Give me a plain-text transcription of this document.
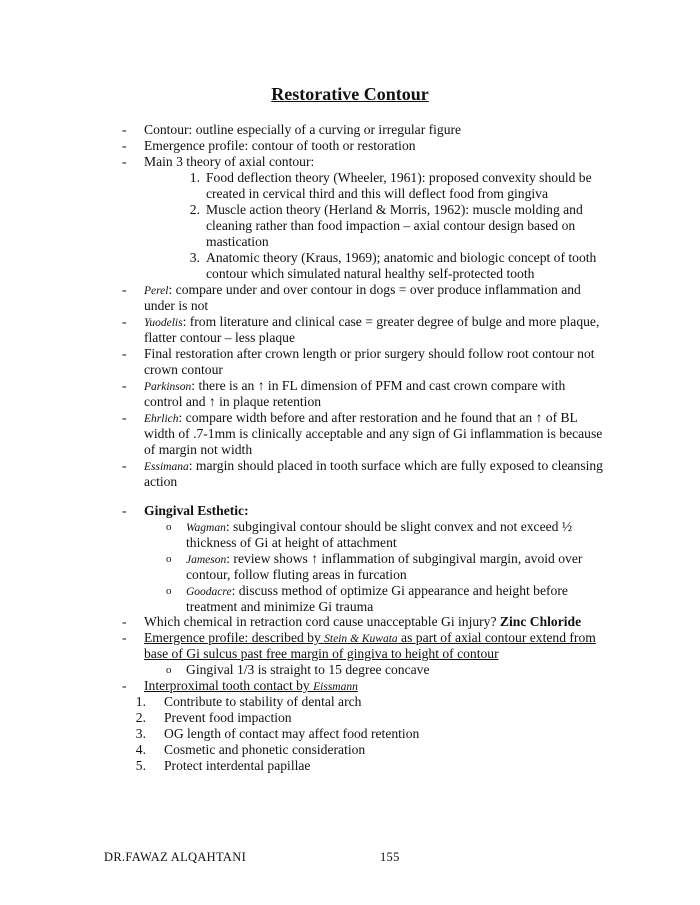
Restorative Contour
-
-
-
-
-
-
-
-
-
-
-
-
-
Contour: outline especially of a curving or irregular figure
Emergence profile: contour of tooth or restoration
Main 3 theory of axial contour:
1. Food deflection theory (Wheeler, 1961): proposed convexity should be
created in cervical third and this will deflect food from gingiva
2. Muscle action theory (Herland & Morris, 1962): muscle molding and
cleaning rather than food impaction – axial contour design based on
mastication
3. Anatomic theory (Kraus, 1969); anatomic and biologic concept of tooth
contour which simulated natural healthy self-protected tooth
Perel: compare under and over contour in dogs = over produce inflammation and
under is not
Yuodelis: from literature and clinical case = greater degree of bulge and more plaque,
flatter contour – less plaque
Final restoration after crown length or prior surgery should follow root contour not
crown contour
Parkinson: there is an ↑ in FL dimension of PFM and cast crown compare with
control and ↑ in plaque retention
Ehrlich: compare width before and after restoration and he found that an ↑ of BL
width of .7-1mm is clinically acceptable and any sign of Gi inflammation is because
of margin not width
Essimana: margin should placed in tooth surface which are fully exposed to cleansing
action
Gingival Esthetic:
o Wagman: subgingival contour should be slight convex and not exceed ½
thickness of Gi at height of attachment
o Jameson: review shows ↑ inflammation of subgingival margin, avoid over
contour, follow fluting areas in furcation
o Goodacre: discuss method of optimize Gi appearance and height before
treatment and minimize Gi trauma
Which chemical in retraction cord cause unacceptable Gi injury? Zinc Chloride
Emergence profile: described by Stein & Kuwata as part of axial contour extend from
base of Gi sulcus past free margin of gingiva to height of contour
o Gingival 1/3 is straight to 15 degree concave
Interproximal tooth contact by Eissmann
1. Contribute to stability of dental arch
2. Prevent food impaction
3. OG length of contact may affect food retention
4. Cosmetic and phonetic consideration
5. Protect interdental papillae
DR.FAWAZ ALQAHTANI	155
